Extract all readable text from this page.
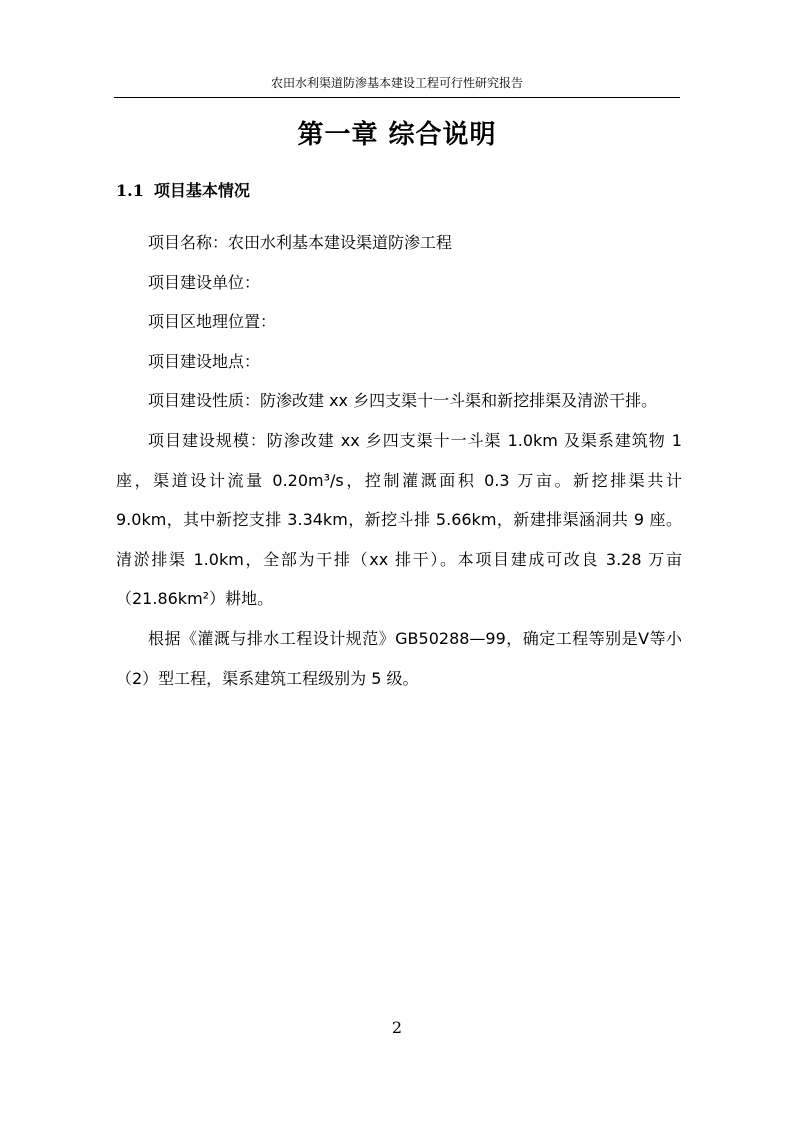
农田水利渠道防渗基本建设工程可行性研究报告
第一章 综合说明
1.1 项目基本情况

项目名称：农田水利基本建设渠道防渗工程

项目建设单位：

项目区地理位置：

项目建设地点：

项目建设性质：防渗改建 xx 乡四支渠十一斗渠和新挖排渠及清淤干排。

项目建设规模：防渗改建 xx 乡四支渠十一斗渠 1.0km 及渠系建筑物 1 座，渠道设计流量 0.20m³/s，控制灌溉面积 0.3 万亩。新挖排渠共计 9.0km，其中新挖支排 3.34km，新挖斗排 5.66km，新建排渠涵洞共 9 座。清淤排渠 1.0km，全部为干排（xx 排干）。本项目建成可改良 3.28 万亩（21.86km²）耕地。

根据《灌溉与排水工程设计规范》GB50288—99，确定工程等别是Ⅴ等小（2）型工程，渠系建筑工程级别为 5 级。

2
